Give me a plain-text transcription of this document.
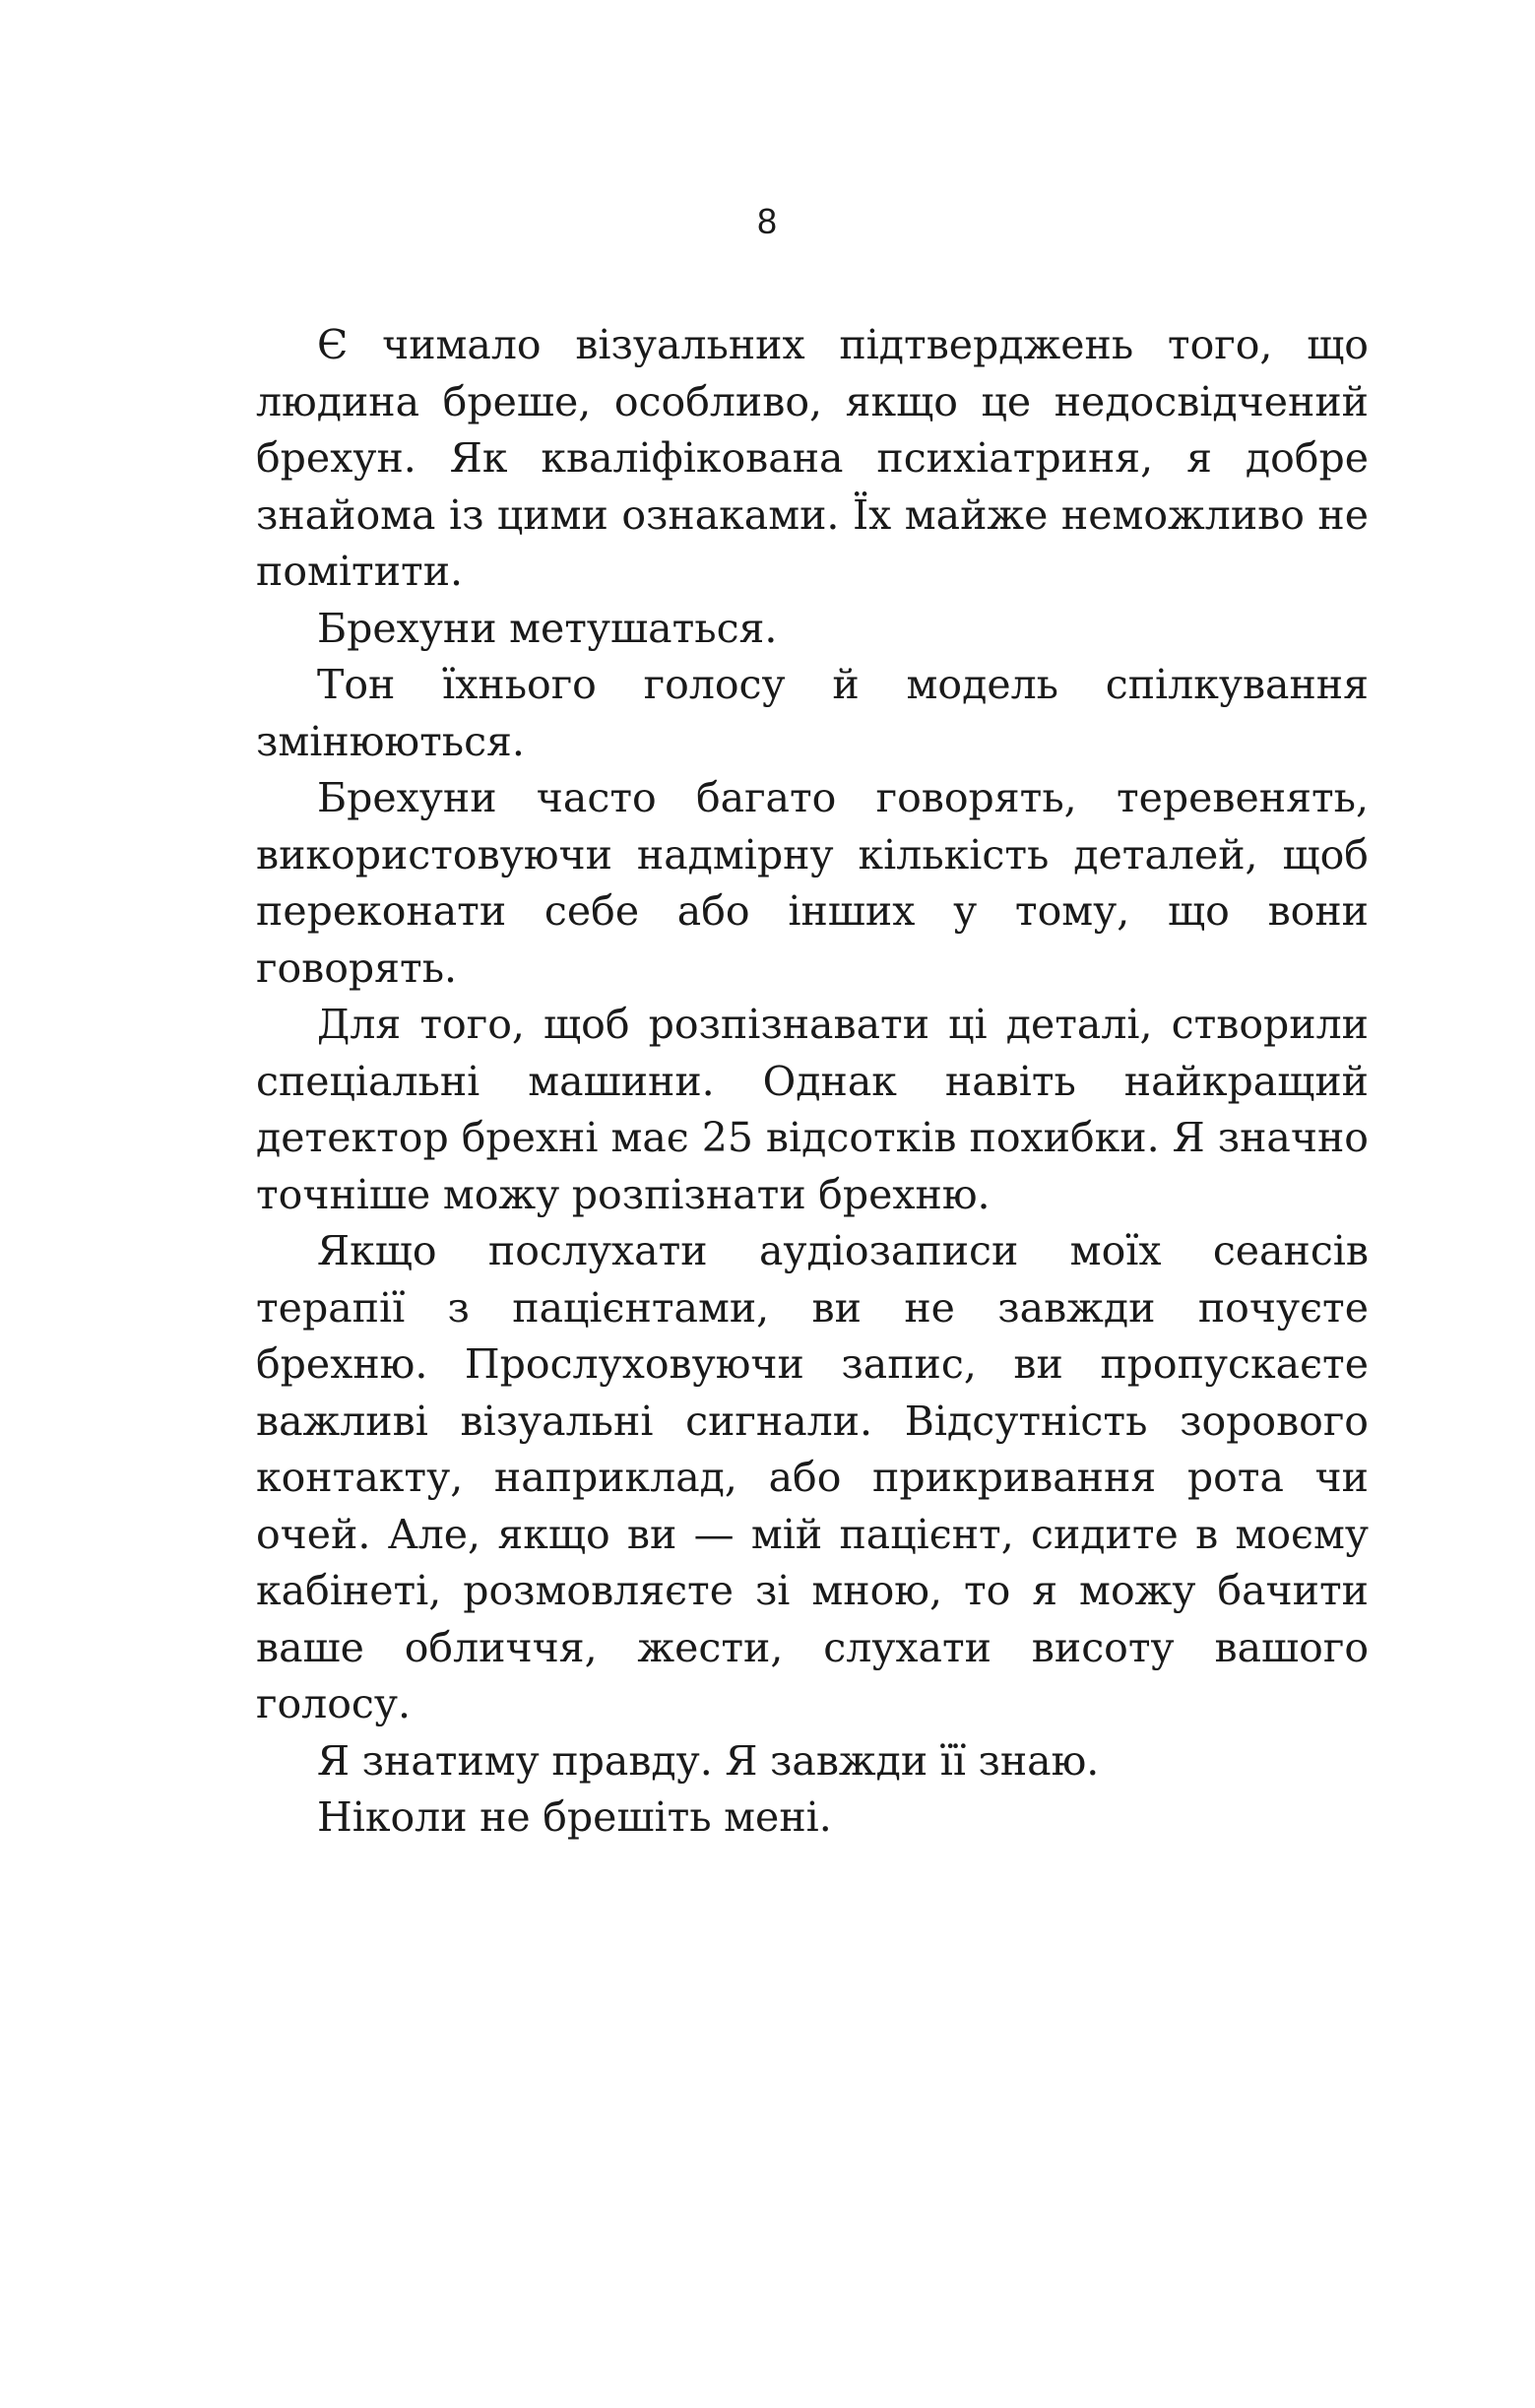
8

Є чимало візуальних підтверджень того, що людина бреше, особливо, якщо це недосвідчений брехун. Як кваліфікована психіатриня, я добре знайома із цими ознаками. Їх майже неможливо не помітити.

Брехуни метушаться.

Тон їхнього голосу й модель спілкування змінюються.

Брехуни часто багато говорять, теревенять, використовуючи надмірну кількість деталей, щоб переконати себе або інших у тому, що вони говорять.

Для того, щоб розпізнавати ці деталі, створили спеціальні машини. Однак навіть найкращий детектор брехні має 25 відсотків похибки. Я значно точніше можу розпізнати брехню.

Якщо послухати аудіозаписи моїх сеансів терапії з пацієнтами, ви не завжди почуєте брехню. Прослуховуючи запис, ви пропускаєте важливі візуальні сигнали. Відсутність зорового контакту, наприклад, або прикривання рота чи очей. Але, якщо ви — мій пацієнт, сидите в моєму кабінеті, розмовляєте зі мною, то я можу бачити ваше обличчя, жести, слухати висоту вашого голосу.

Я знатиму правду. Я завжди її знаю.

Ніколи не брешіть мені.
